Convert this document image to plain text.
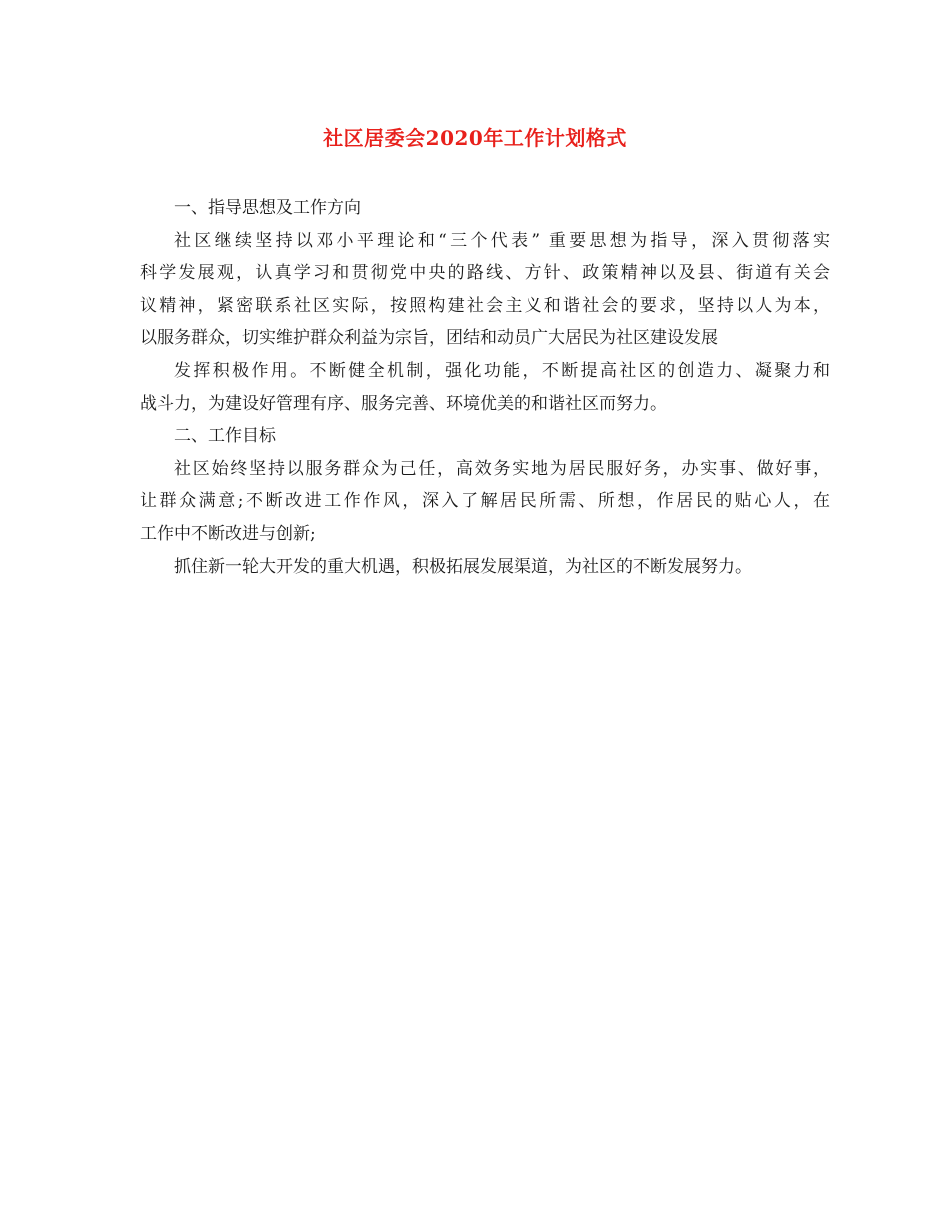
社区居委会2020年工作计划格式
一、指导思想及工作方向
社区继续坚持以邓小平理论和“三个代表” 重要思想为指导，深入贯彻落实
科学发展观，认真学习和贯彻党中央的路线、方针、政策精神以及县、街道有关会
议精神，紧密联系社区实际，按照构建社会主义和谐社会的要求，坚持以人为本，
以服务群众，切实维护群众利益为宗旨，团结和动员广大居民为社区建设发展
发挥积极作用。不断健全机制，强化功能，不断提高社区的创造力、凝聚力和
战斗力，为建设好管理有序、服务完善、环境优美的和谐社区而努力。
二、工作目标
社区始终坚持以服务群众为己任，高效务实地为居民服好务，办实事、做好事，
让群众满意;不断改进工作作风，深入了解居民所需、所想，作居民的贴心人，在
工作中不断改进与创新;
抓住新一轮大开发的重大机遇，积极拓展发展渠道，为社区的不断发展努力。
